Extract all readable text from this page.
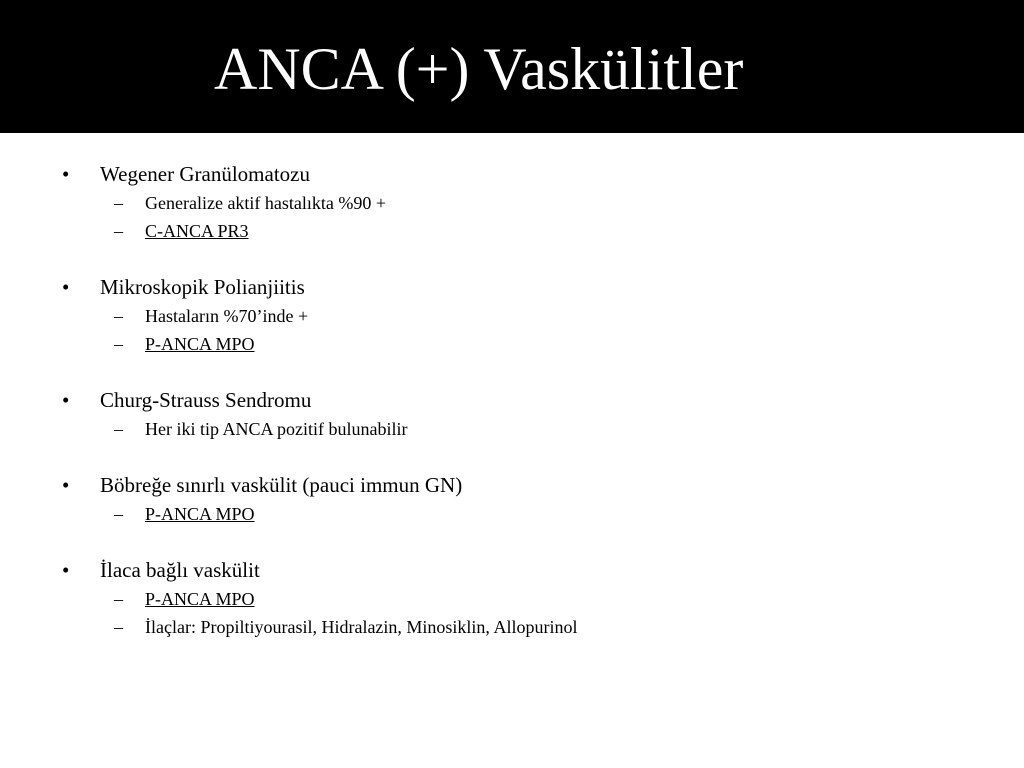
ANCA (+) Vaskülitler
• Wegener Granülomatozu
– Generalize aktif hastalıkta %90 +
– C-ANCA PR3
• Mikroskopik Polianjiitis
– Hastaların %70’inde +
– P-ANCA MPO
• Churg-Strauss Sendromu
– Her iki tip ANCA pozitif bulunabilir
• Böbreğe sınırlı vaskülit (pauci immun GN)
– P-ANCA MPO
• İlaca bağlı vaskülit
– P-ANCA MPO
– İlaçlar: Propiltiyourasil, Hidralazin, Minosiklin, Allopurinol
